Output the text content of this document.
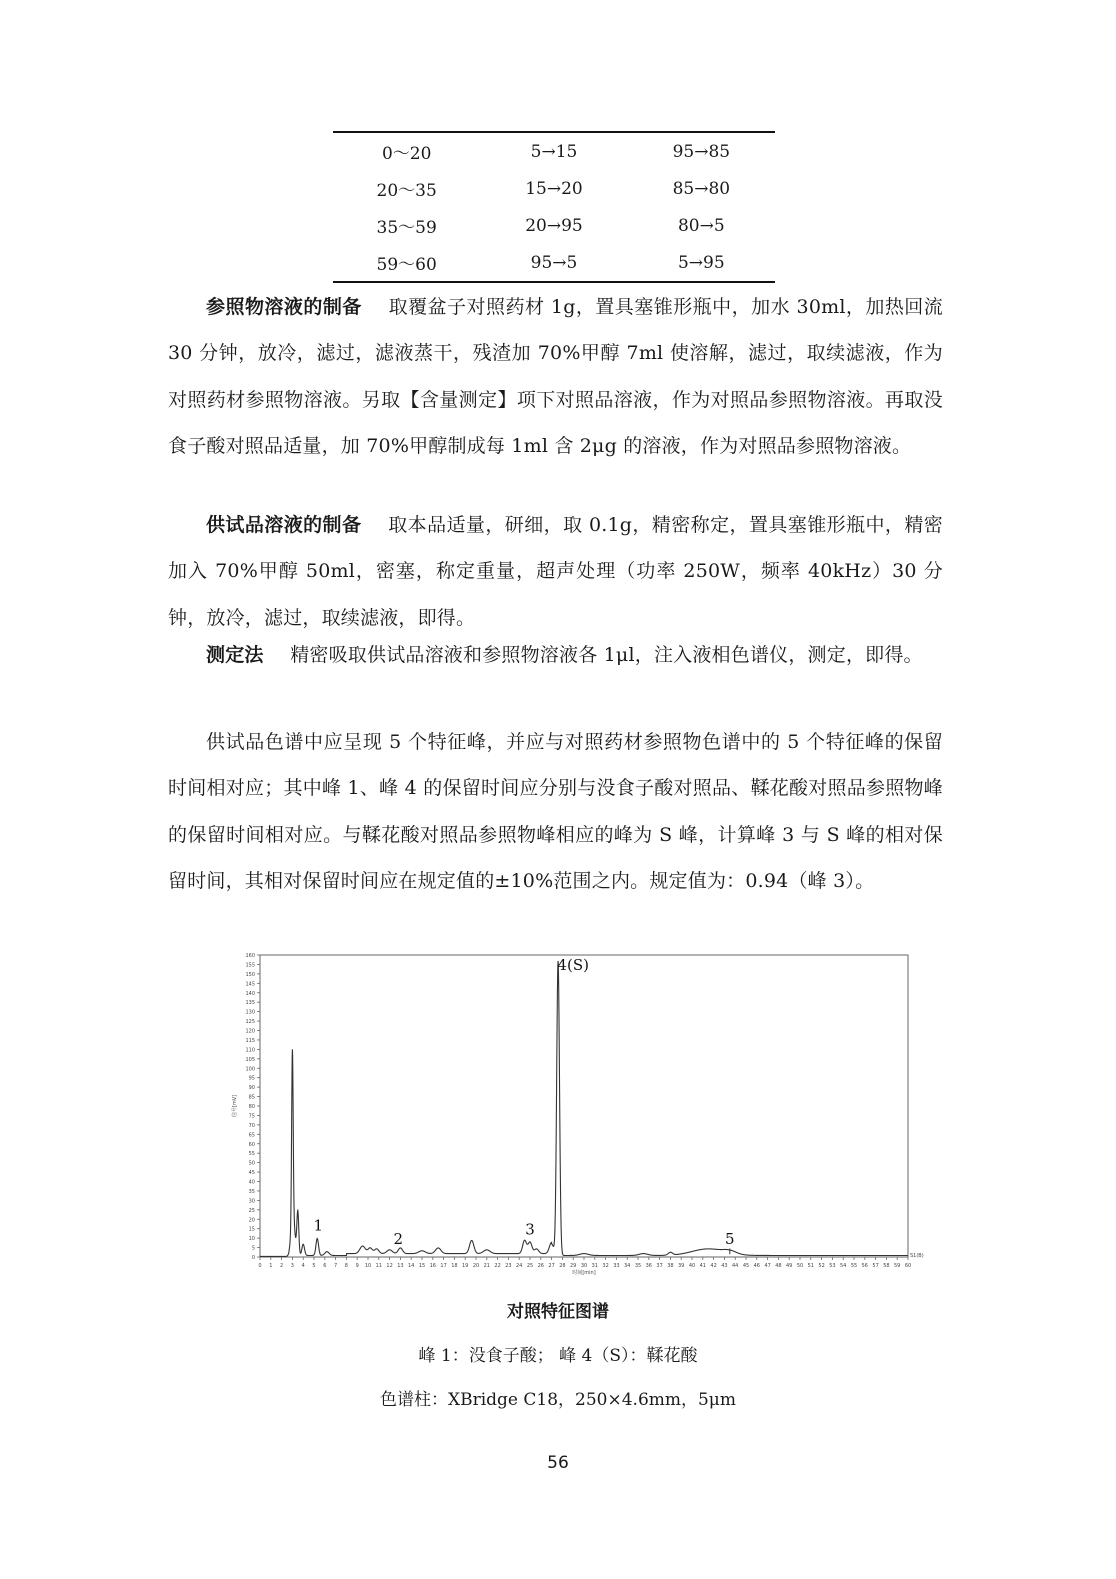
0～20	5→15	95→85
20～35	15→20	85→80
35～59	20→95	80→5
59～60	95→5	5→95

参照物溶液的制备 取覆盆子对照药材 1g，置具塞锥形瓶中，加水 30ml，加热回流 30 分钟，放冷，滤过，滤液蒸干，残渣加 70%甲醇 7ml 使溶解，滤过，取续滤液，作为对照药材参照物溶液。另取【含量测定】项下对照品溶液，作为对照品参照物溶液。再取没食子酸对照品适量，加 70%甲醇制成每 1ml 含 2μg 的溶液，作为对照品参照物溶液。

供试品溶液的制备 取本品适量，研细，取 0.1g，精密称定，置具塞锥形瓶中，精密加入 70%甲醇 50ml，密塞，称定重量，超声处理（功率 250W，频率 40kHz）30 分钟，放冷，滤过，取续滤液，即得。

测定法 精密吸取供试品溶液和参照物溶液各 1μl，注入液相色谱仪，测定，即得。

供试品色谱中应呈现 5 个特征峰，并应与对照药材参照物色谱中的 5 个特征峰的保留时间相对应；其中峰 1、峰 4 的保留时间应分别与没食子酸对照品、鞣花酸对照品参照物峰的保留时间相对应。与鞣花酸对照品参照物峰相应的峰为 S 峰，计算峰 3 与 S 峰的相对保留时间，其相对保留时间应在规定值的±10%范围之内。规定值为：0.94（峰 3）。

0
5
10
15
20
25
30
35
40
45
50
55
60
65
70
75
80
85
90
95
100
105
110
115
120
125
130
135
140
145
150
155
160
0 1 2 3 4 5 6 7 8 9 10 11 12 13 14 15 16 17 18 19 20 21 22 23 24 25 26 27 28 29 30 31 32 33 34 35 36 37 38 39 40 41 42 43 44 45 46 47 48 49 50 51 52 53 54 55 56 57 58 59 60
时间[min]
信号[mV]
1
2
3
4(S)
5
S1(B)
对照特征图谱
峰 1：没食子酸； 峰 4（S）：鞣花酸
色谱柱：XBridge C18，250×4.6mm，5μm
56
